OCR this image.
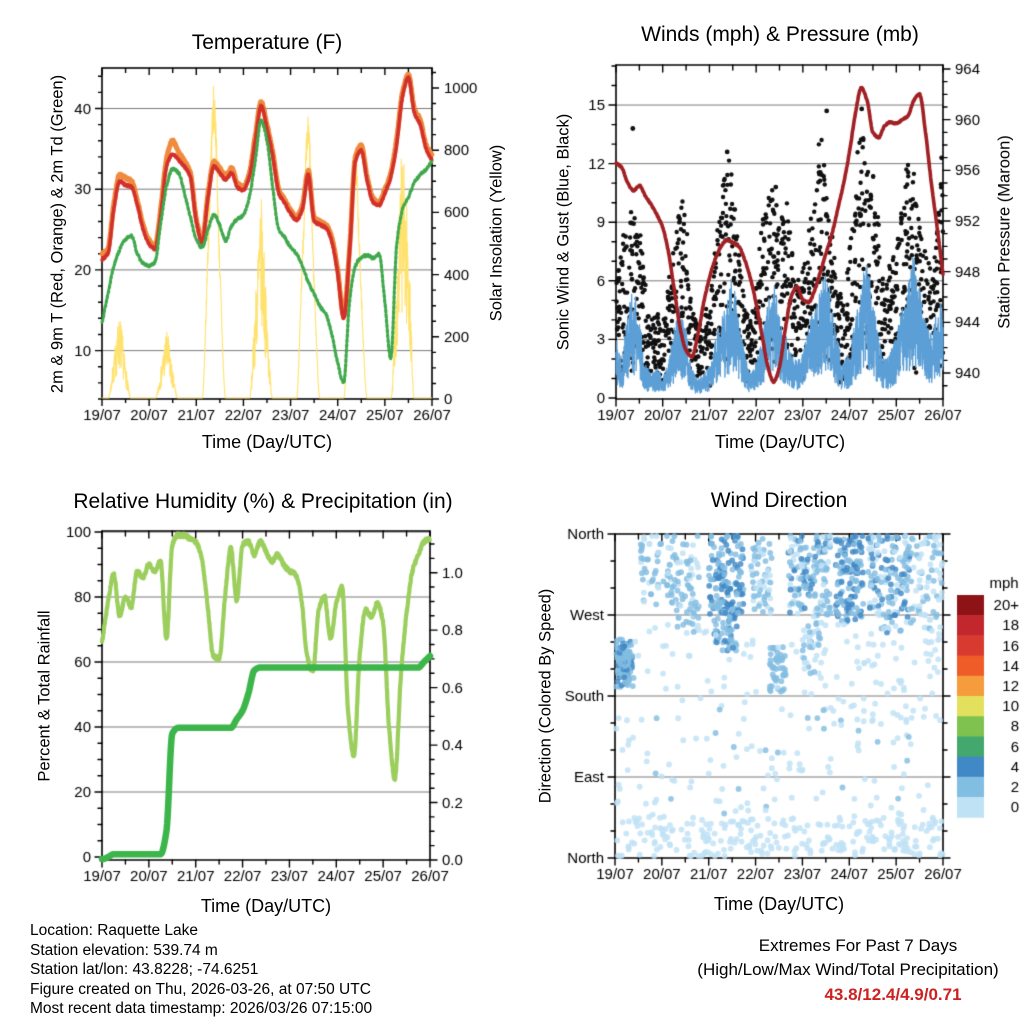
Temperature (F)	Winds (mph) & Pressure (mb)
Relative Humidity (%) & Precipitation (in)	Wind Direction
2m & 9m T (Red, Orange) & 2m Td (Green)	Solar Insolation (Yellow)	Sonic Wind & Gust (Blue, Black)	Station Pressure (Maroon)
Percent & Total Rainfall	Direction (Colored By Speed)
Time (Day/UTC)	Time (Day/UTC)
Time (Day/UTC)	Time (Day/UTC)
Location: Raquette Lake
Station elevation: 539.74 m
Station lat/lon: 43.8228; -74.6251
Figure created on Thu, 2026-03-26, at 07:50 UTC
Most recent data timestamp: 2026/03/26 07:15:00
Extremes For Past 7 Days
(High/Low/Max Wind/Total Precipitation)
43.8/12.4/4.9/0.71
